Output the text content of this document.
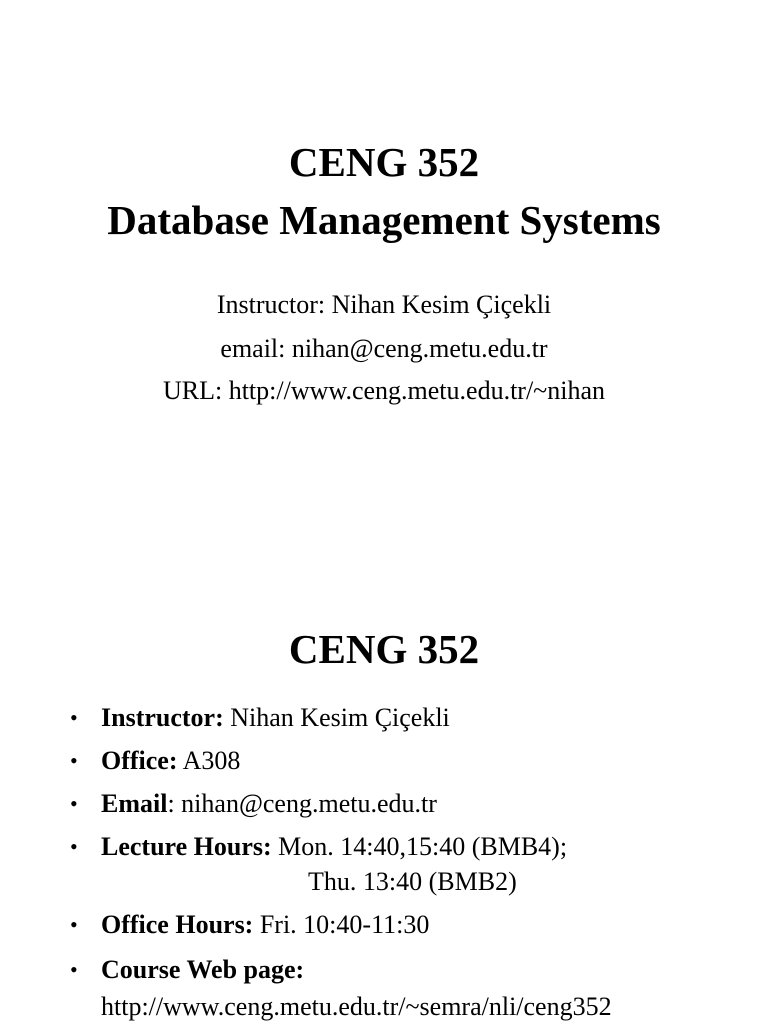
CENG 352
Database Management Systems

Instructor: Nihan Kesim Çiçekli

email: nihan@ceng.metu.edu.tr

URL: http://www.ceng.metu.edu.tr/~nihan

CENG 352
• Instructor: Nihan Kesim Çiçekli
• Office: A308
• Email: nihan@ceng.metu.edu.tr
• Lecture Hours: Mon. 14:40,15:40 (BMB4);
Thu. 13:40 (BMB2)
• Office Hours: Fri. 10:40-11:30
• Course Web page:
http://www.ceng.metu.edu.tr/~semra/nli/ceng352
